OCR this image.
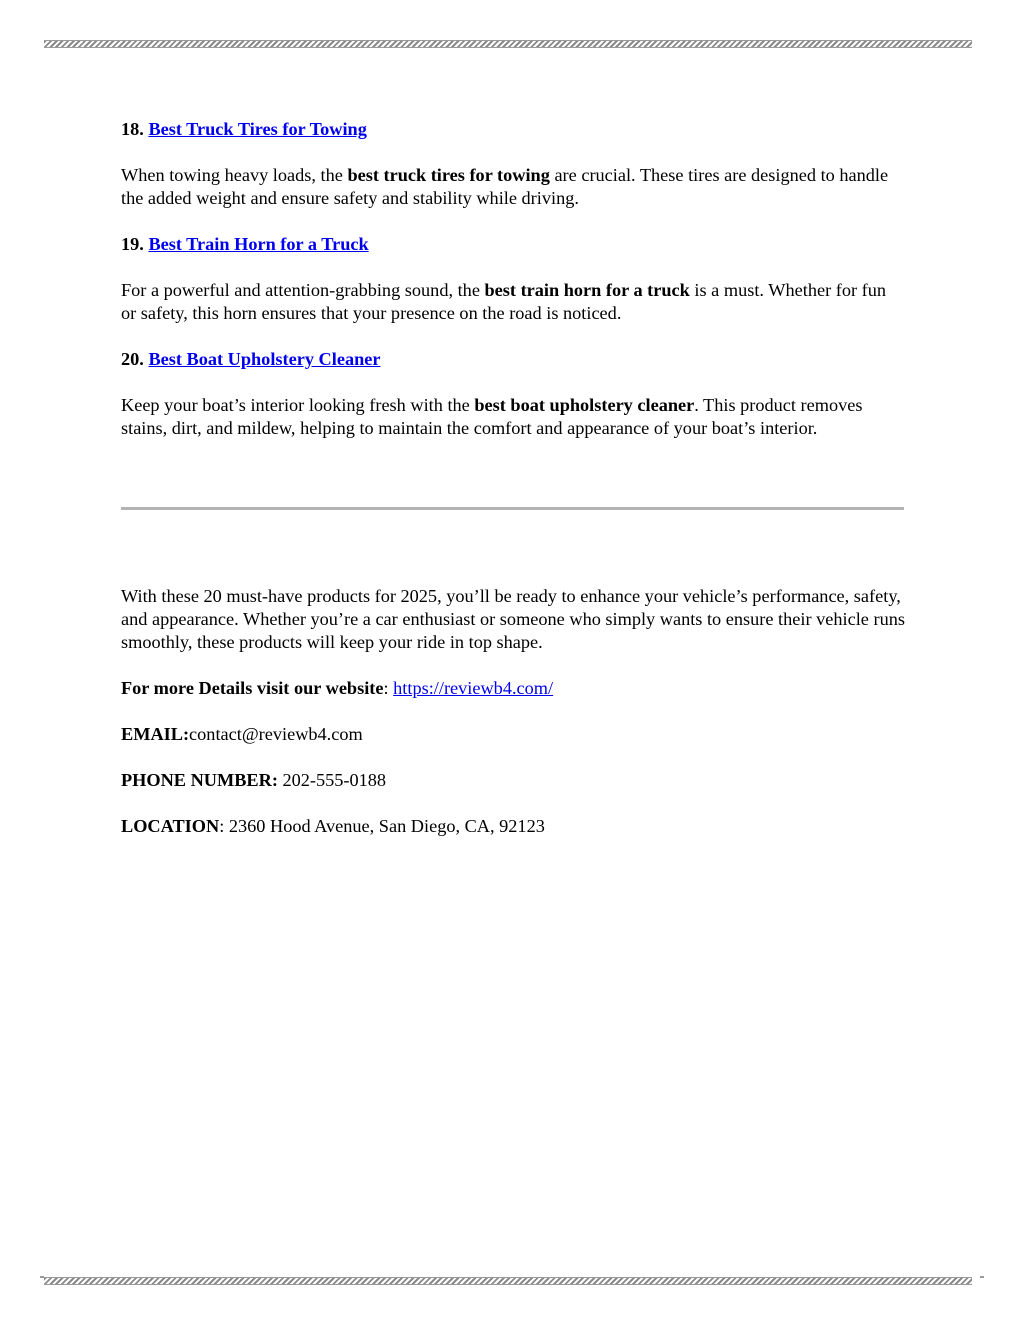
18. Best Truck Tires for Towing

When towing heavy loads, the best truck tires for towing are crucial. These tires are designed to handle the added weight and ensure safety and stability while driving.

19. Best Train Horn for a Truck

For a powerful and attention-grabbing sound, the best train horn for a truck is a must. Whether for fun or safety, this horn ensures that your presence on the road is noticed.

20. Best Boat Upholstery Cleaner

Keep your boat’s interior looking fresh with the best boat upholstery cleaner. This product removes stains, dirt, and mildew, helping to maintain the comfort and appearance of your boat’s interior.

With these 20 must-have products for 2025, you’ll be ready to enhance your vehicle’s performance, safety, and appearance. Whether you’re a car enthusiast or someone who simply wants to ensure their vehicle runs smoothly, these products will keep your ride in top shape.

For more Details visit our website: https://reviewb4.com/

EMAIL:contact@reviewb4.com

PHONE NUMBER: 202-555-0188

LOCATION: 2360 Hood Avenue, San Diego, CA, 92123
